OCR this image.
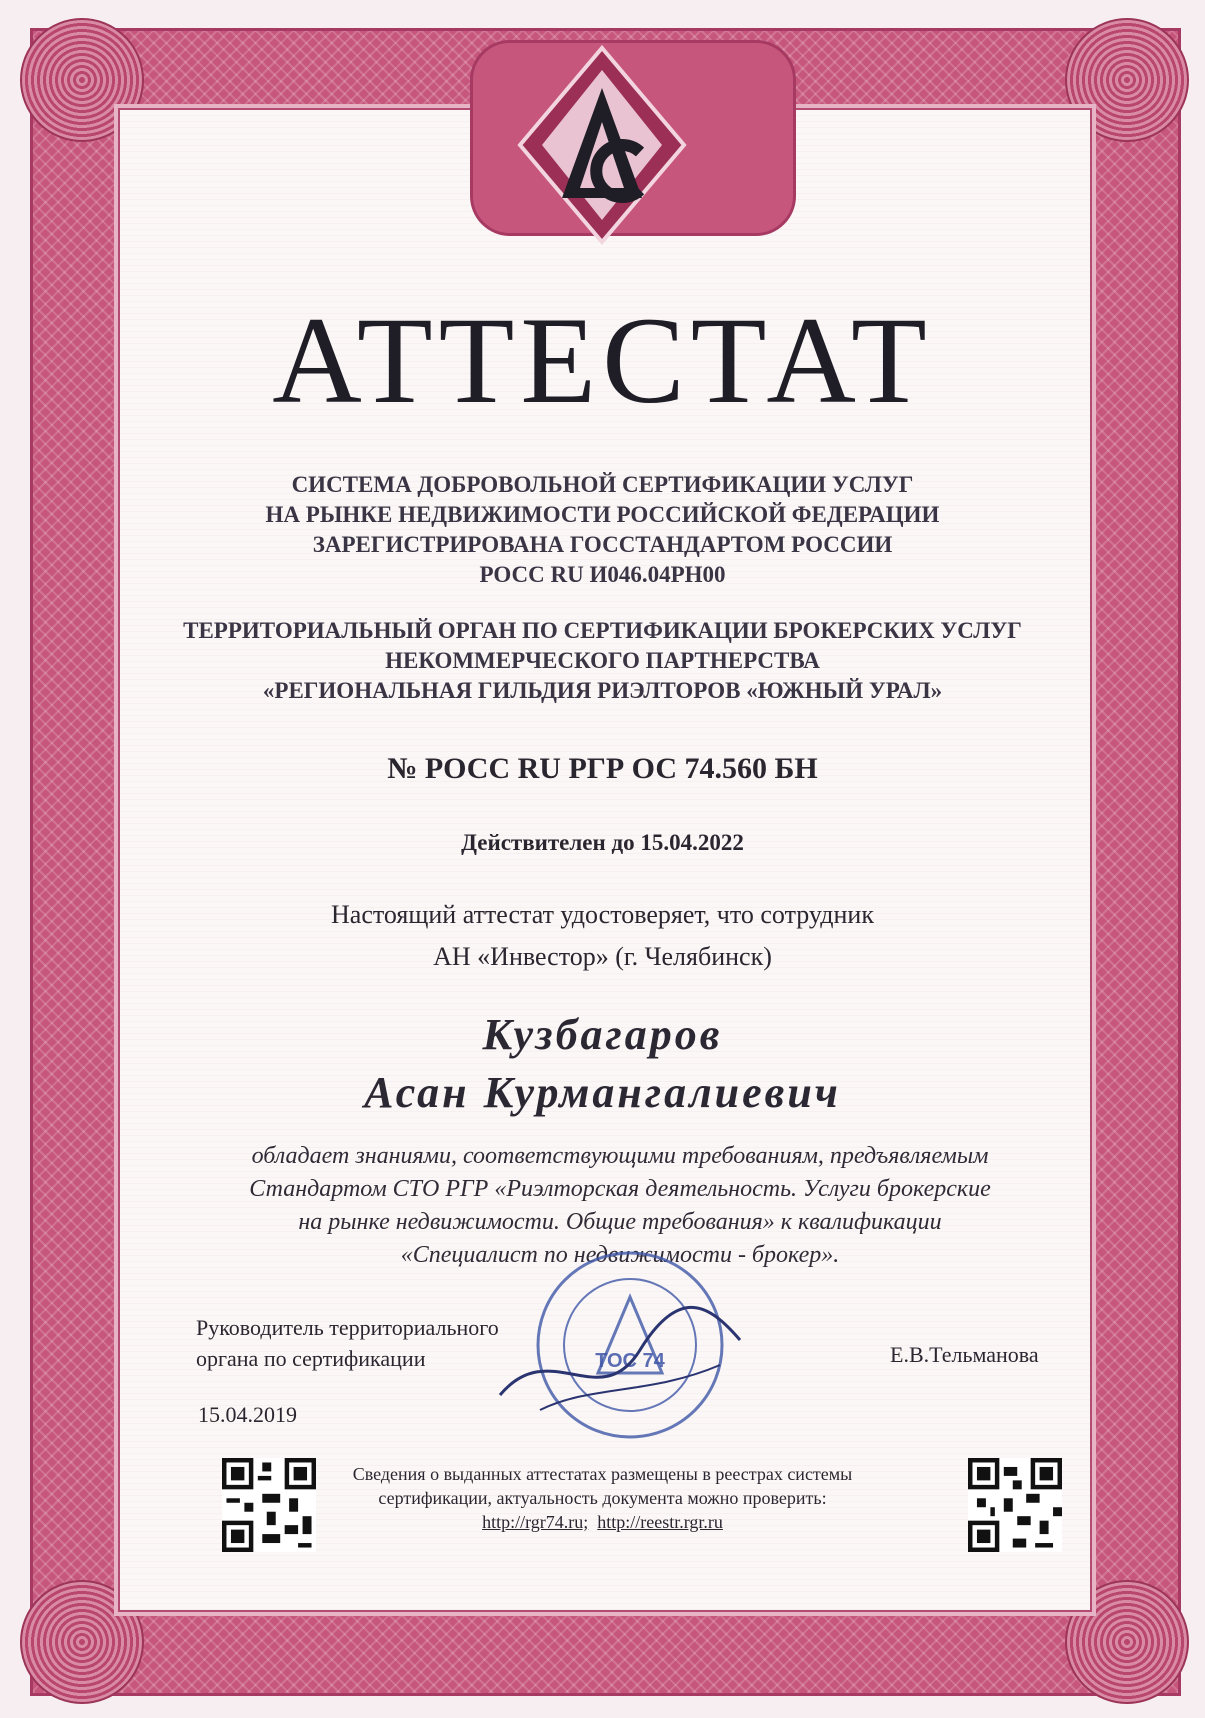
АТТЕСТАТ
СИСТЕМА ДОБРОВОЛЬНОЙ СЕРТИФИКАЦИИ УСЛУГ
НА РЫНКЕ НЕДВИЖИМОСТИ РОССИЙСКОЙ ФЕДЕРАЦИИ
ЗАРЕГИСТРИРОВАНА ГОССТАНДАРТОМ РОССИИ
РОСС RU И046.04РН00
ТЕРРИТОРИАЛЬНЫЙ ОРГАН ПО СЕРТИФИКАЦИИ БРОКЕРСКИХ УСЛУГ
НЕКОММЕРЧЕСКОГО ПАРТНЕРСТВА
«РЕГИОНАЛЬНАЯ ГИЛЬДИЯ РИЭЛТОРОВ «ЮЖНЫЙ УРАЛ»
№ РОСС RU РГР ОС 74.560 БН
Действителен до 15.04.2022
Настоящий аттестат удостоверяет, что сотрудник
АН «Инвестор» (г. Челябинск)
Кузбагаров
Асан Курмангалиевич
обладает знаниями, соответствующими требованиям, предъявляемым
Стандартом СТО РГР «Риэлторская деятельность. Услуги брокерские
на рынке недвижимости. Общие требования» к квалификации
«Специалист по недвижимости - брокер».
ТОС 74
Руководитель территориального
органа по сертификации	Е.В.Тельманова
15.04.2019
Сведения о выданных аттестатах размещены в реестрах системы
сертификации, актуальность документа можно проверить:
http://rgr74.ru; http://reestr.rgr.ru
